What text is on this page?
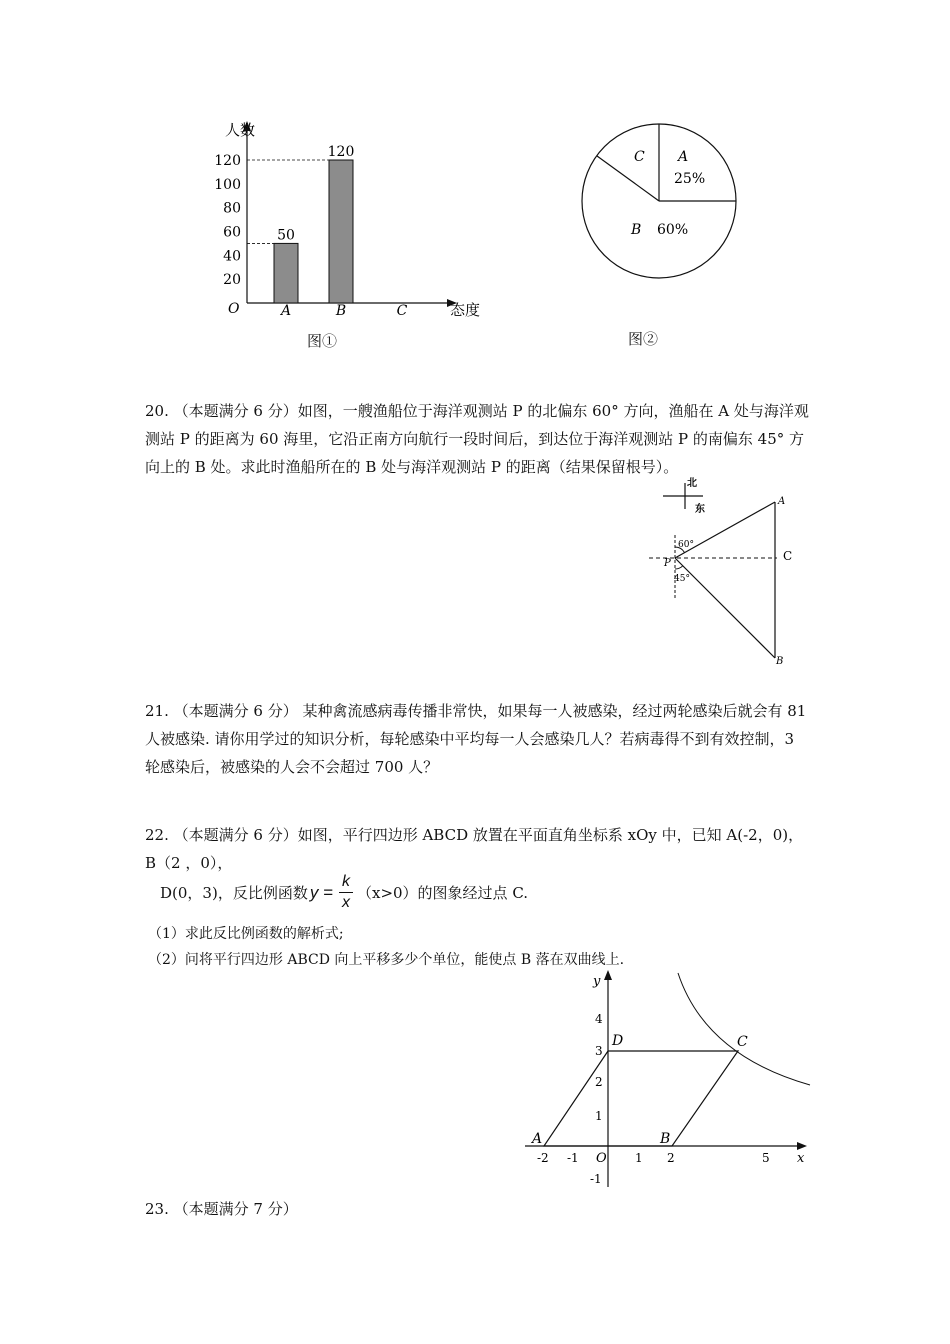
人数
态度
O
20
40
60
80
100
120
A
50
B
120
C
图①
A
25%
C
B 60%
图②
20. （本题满分 6 分）如图，一艘渔船位于海洋观测站 P 的北偏东 60° 方向，渔船在 A 处与海洋观测站 P 的距离为 60 海里，它沿正南方向航行一段时间后，到达位于海洋观测站 P 的南偏东 45° 方向上的 B 处。求此时渔船所在的 B 处与海洋观测站 P 的距离（结果保留根号）。
北
东
60°
45°
P
A
B
C
21. （本题满分 6 分） 某种禽流感病毒传播非常快，如果每一人被感染，经过两轮感染后就会有 81 人被感染. 请你用学过的知识分析，每轮感染中平均每一人会感染几人？若病毒得不到有效控制，3 轮感染后，被感染的人会不会超过 700 人？
22. （本题满分 6 分）如图，平行四边形 ABCD 放置在平面直角坐标系 xOy 中，已知 A(-2，0)，B（2 ，0），
D(0，3)，反比例函数 $y = \frac{k}{x} (x>0)$的图象经过点 C.
（1）求此反比例函数的解析式;
（2）问将平行四边形 ABCD 向上平移多少个单位，能使点 B 落在双曲线上.
x
y
O
4
3
2
1
-1
-2 -1	1 2	5
A	B
C
D
23. （本题满分 7 分）
